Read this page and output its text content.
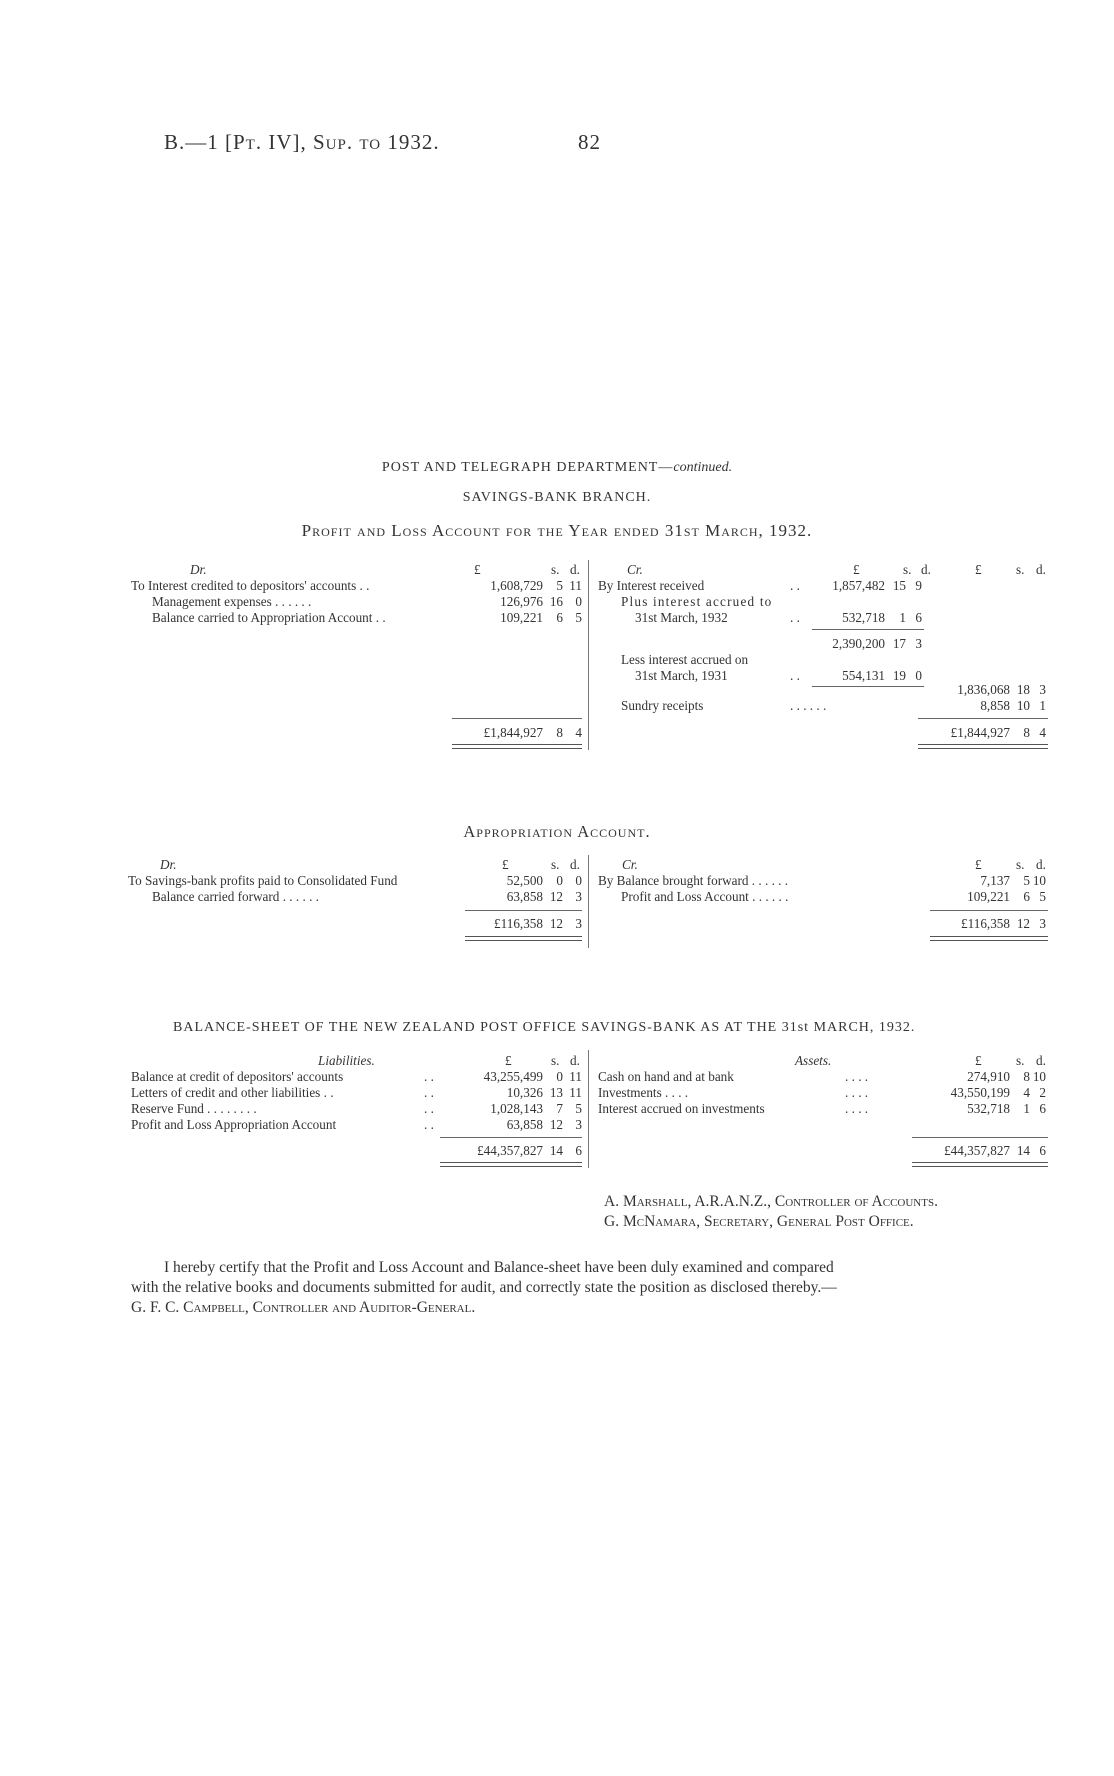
B.—1 [Pt. IV], Sup. to 1932.	82
POST AND TELEGRAPH DEPARTMENT—continued.
SAVINGS-BANK BRANCH.
Profit and Loss Account for the Year ended 31st March, 1932.
Dr.	£	s. d.
To Interest credited to depositors' accounts . .	1,608,729	5 11
Management expenses . . . . . .	126,976 16 0
Balance carried to Appropriation Account . .	109,221	6 5
£1,844,927	8 4
Cr.	£	s. d.	£	s. d.
By Interest received	. .	1,857,482 15 9
Plus interest accrued to
31st March, 1932	. .	532,718	1 6
2,390,200 17 3
Less interest accrued on
31st March, 1931	. .	554,131 19 0
1,836,068 18 3
Sundry receipts	. . . . . .	8,858 10 1
£1,844,927	8 4
Appropriation Account.
Dr.	£	s. d.
To Savings-bank profits paid to Consolidated Fund	52,500	0 0
Balance carried forward . . . . . .	63,858 12 3
£116,358 12 3
Cr.	£	s. d.
By Balance brought forward . . . . . .	7,137	5 10
Profit and Loss Account . . . . . .	109,221	6 5
£116,358 12 3
BALANCE-SHEET OF THE NEW ZEALAND POST OFFICE SAVINGS-BANK AS AT THE 31st MARCH, 1932.
Liabilities.	£	s. d.
Balance at credit of depositors' accounts	. .	43,255,499	0 11
Letters of credit and other liabilities . .	. .	10,326 13 11
Reserve Fund . . . . . . . .	. .	1,028,143	7 5
Profit and Loss Appropriation Account	. .	63,858 12 3
£44,357,827 14 6
Assets.	£	s. d.
Cash on hand and at bank	. . . .	274,910	8 10
Investments . . . .	. . . .	43,550,199	4 2
Interest accrued on investments	. . . .	532,718	1 6
£44,357,827 14 6
A. Marshall, A.R.A.N.Z., Controller of Accounts.
G. McNamara, Secretary, General Post Office.
I hereby certify that the Profit and Loss Account and Balance-sheet have been duly examined and compared
with the relative books and documents submitted for audit, and correctly state the position as disclosed thereby.—
G. F. C. Campbell, Controller and Auditor-General.
